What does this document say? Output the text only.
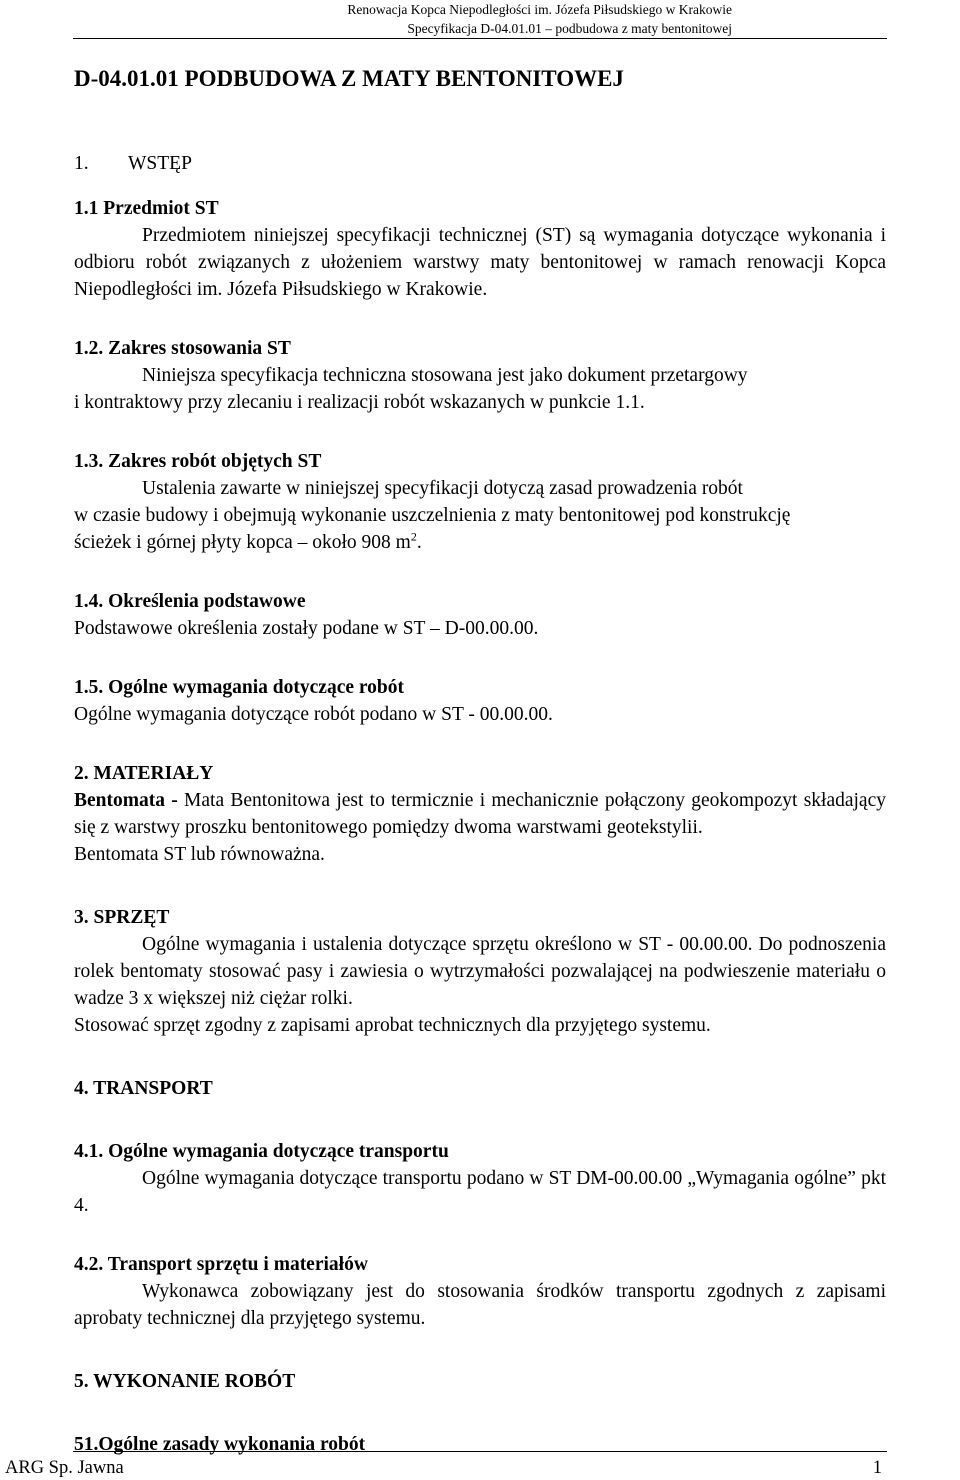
Renowacja Kopca Niepodległości im. Józefa Piłsudskiego w Krakowie
Specyfikacja D-04.01.01 – podbudowa z maty bentonitowej
D-04.01.01 PODBUDOWA Z MATY BENTONITOWEJ
1. WSTĘP

1.1 Przedmiot ST

Przedmiotem niniejszej specyfikacji technicznej (ST) są wymagania dotyczące wykonania i odbioru robót związanych z ułożeniem warstwy maty bentonitowej w ramach renowacji Kopca Niepodległości im. Józefa Piłsudskiego w Krakowie.

1.2. Zakres stosowania ST

Niniejsza specyfikacja techniczna stosowana jest jako dokument przetargowy

i kontraktowy przy zlecaniu i realizacji robót wskazanych w punkcie 1.1.

1.3. Zakres robót objętych ST

Ustalenia zawarte w niniejszej specyfikacji dotyczą zasad prowadzenia robót

w czasie budowy i obejmują wykonanie uszczelnienia z maty bentonitowej pod konstrukcję

ścieżek i górnej płyty kopca – około 908 $m^2$.

1.4. Określenia podstawowe

Podstawowe określenia zostały podane w ST – D-00.00.00.

1.5. Ogólne wymagania dotyczące robót

Ogólne wymagania dotyczące robót podano w ST - 00.00.00.

2. MATERIAŁY

Bentomata - Mata Bentonitowa jest to termicznie i mechanicznie połączony geokompozyt składający się z warstwy proszku bentonitowego pomiędzy dwoma warstwami geotekstylii.

Bentomata ST lub równoważna.

3. SPRZĘT

Ogólne wymagania i ustalenia dotyczące sprzętu określono w ST - 00.00.00. Do podnoszenia rolek bentomaty stosować pasy i zawiesia o wytrzymałości pozwalającej na podwieszenie materiału o wadze 3 x większej niż ciężar rolki.

Stosować sprzęt zgodny z zapisami aprobat technicznych dla przyjętego systemu.

4. TRANSPORT

4.1. Ogólne wymagania dotyczące transportu

Ogólne wymagania dotyczące transportu podano w ST DM-00.00.00 „Wymagania ogólne” pkt 4.

4.2. Transport sprzętu i materiałów

Wykonawca zobowiązany jest do stosowania środków transportu zgodnych z zapisami aprobaty technicznej dla przyjętego systemu.

5. WYKONANIE ROBÓT

51.Ogólne zasady wykonania robót

ARG Sp. Jawna	1
